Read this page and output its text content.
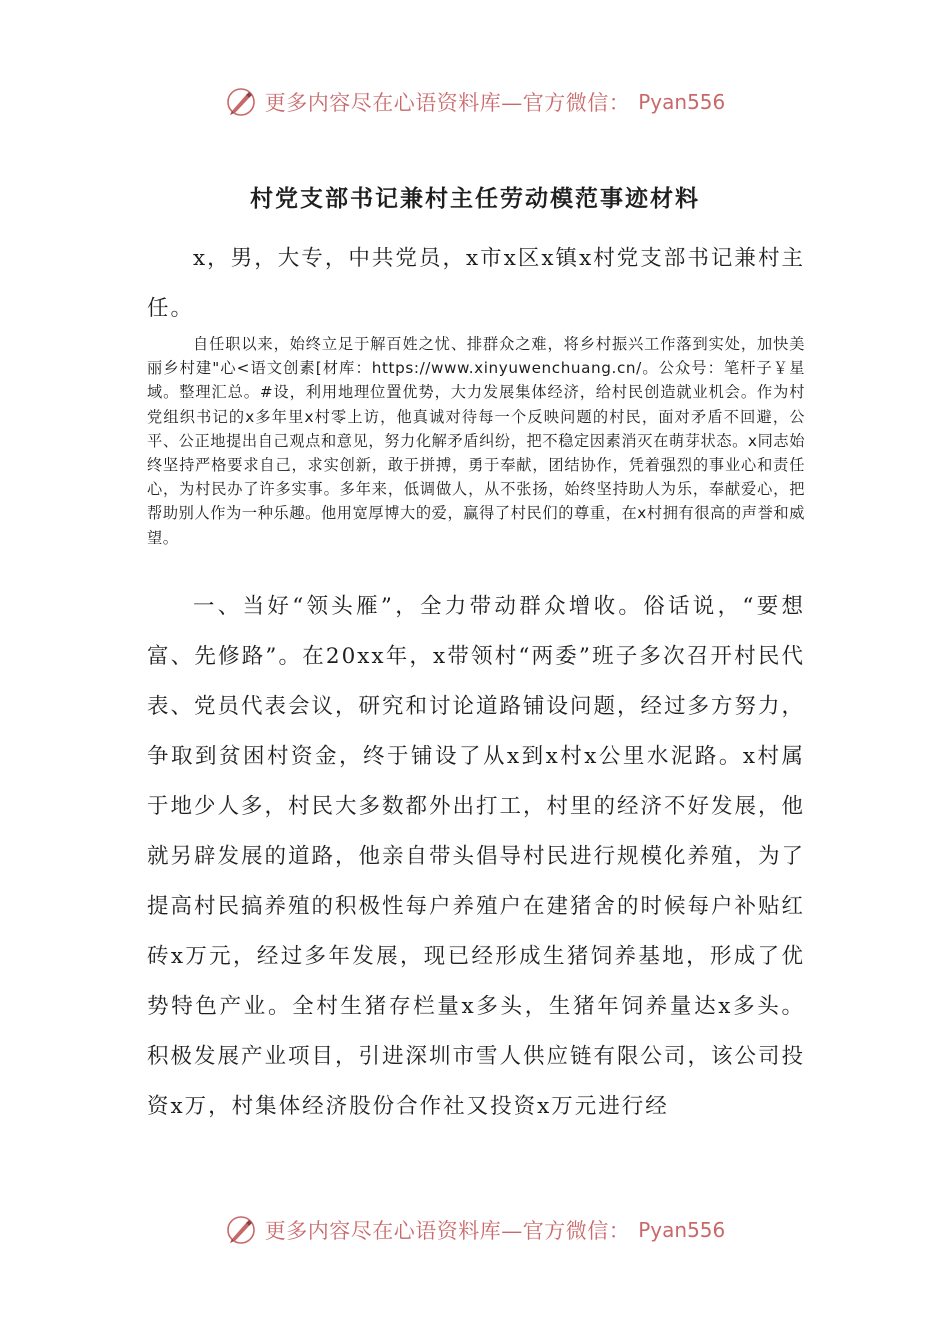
更多内容尽在心语资料库—官方微信： Pyan556
村党支部书记兼村主任劳动模范事迹材料

x，男，大专，中共党员，x市x区x镇x村党支部书记兼村主任。

自任职以来，始终立足于解百姓之忧、排群众之难，将乡村振兴工作落到实处，加快美丽乡村建"心<语文创素[材库：https://www.xinyuwenchuang.cn/。公众号：笔杆子￥星域。整理汇总。#设，利用地理位置优势，大力发展集体经济，给村民创造就业机会。作为村党组织书记的x多年里x村零上访，他真诚对待每一个反映问题的村民，面对矛盾不回避，公平、公正地提出自己观点和意见，努力化解矛盾纠纷，把不稳定因素消灭在萌芽状态。x同志始终坚持严格要求自己，求实创新，敢于拼搏，勇于奉献，团结协作，凭着强烈的事业心和责任心，为村民办了许多实事。多年来，低调做人，从不张扬，始终坚持助人为乐，奉献爱心，把帮助别人作为一种乐趣。他用宽厚博大的爱，赢得了村民们的尊重，在x村拥有很高的声誉和威望。

一、当好“领头雁”，全力带动群众增收。俗话说，“要想富、先修路”。在20xx年，x带领村“两委”班子多次召开村民代表、党员代表会议，研究和讨论道路铺设问题，经过多方努力，争取到贫困村资金，终于铺设了从x到x村x公里水泥路。x村属于地少人多，村民大多数都外出打工，村里的经济不好发展，他就另辟发展的道路，他亲自带头倡导村民进行规模化养殖，为了提高村民搞养殖的积极性每户养殖户在建猪舍的时候每户补贴红砖x万元，经过多年发展，现已经形成生猪饲养基地，形成了优势特色产业。全村生猪存栏量x多头，生猪年饲养量达x多头。积极发展产业项目，引进深圳市雪人供应链有限公司，该公司投资x万，村集体经济股份合作社又投资x万元进行经

更多内容尽在心语资料库—官方微信： Pyan556
